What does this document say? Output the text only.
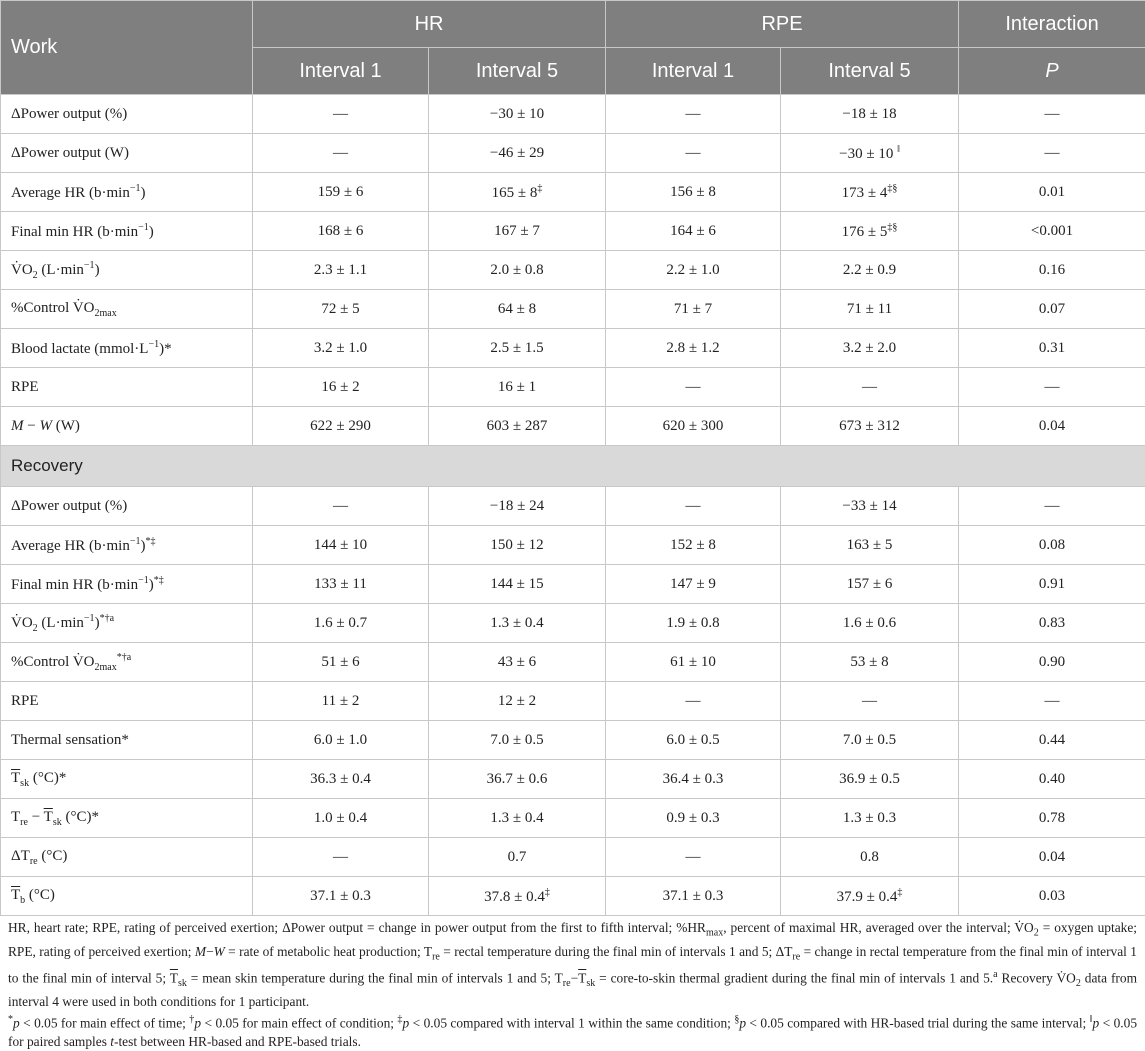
Work	HR		RPE		Interaction
	Interval 1	Interval 5	Interval 1	Interval 5	P
ΔPower output (%)	—	−30 ± 10	—	−18 ± 18	—
ΔPower output (W)	—	−46 ± 29	—	−30 ± 10 ‖	—
Average HR $(b\cdot\min^{-1})$	159 ± 6	165 ± 8‡	156 ± 8	173 ± 4‡§	0.01
Final min HR $(b\cdot\min^{-1})$	168 ± 6	167 ± 7	164 ± 6	176 ± 5‡§	<0.001
$V̇O_2$ $(L\cdot\min^{-1})$	2.3 ± 1.1	2.0 ± 0.8	2.2 ± 1.0	2.2 ± 0.9	0.16
%Control $V̇O_{2max}$	72 ± 5	64 ± 8	71 ± 7	71 ± 11	0.07
Blood lactate $(mmol\cdot L^{-1})*$	3.2 ± 1.0	2.5 ± 1.5	2.8 ± 1.2	3.2 ± 2.0	0.31
RPE	16 ± 2	16 ± 1	—	—	—
M − W (W)	622 ± 290	603 ± 287	620 ± 300	673 ± 312	0.04
Recovery					
ΔPower output (%)	—	−18 ± 24	—	−33 ± 14	—
Average HR $(b\cdot\min^{-1})^{*\ddagger}$	144 ± 10	150 ± 12	152 ± 8	163 ± 5	0.08
Final min HR $(b\cdot\min^{-1})^{*\ddagger}$	133 ± 11	144 ± 15	147 ± 9	157 ± 6	0.91
$V̇O_2$ $(L\cdot\min^{-1})^{*\dagger a}$	1.6 ± 0.7	1.3 ± 0.4	1.9 ± 0.8	1.6 ± 0.6	0.83
%Control $V̇O_{2max}^{*\dagger a}$	51 ± 6	43 ± 6	61 ± 10	53 ± 8	0.90
RPE	11 ± 2	12 ± 2	—	—	—
Thermal sensation*	6.0 ± 1.0	7.0 ± 0.5	6.0 ± 0.5	7.0 ± 0.5	0.44
$\overline{T}_{sk}$ (°C)*	36.3 ± 0.4	36.7 ± 0.6	36.4 ± 0.3	36.9 ± 0.5	0.40
$T_{re} - \overline{T}_{sk}$ (°C)*	1.0 ± 0.4	1.3 ± 0.4	0.9 ± 0.3	1.3 ± 0.3	0.78
$\Delta T_{re}$ (°C)	—	0.7	—	0.8	0.04
$\overline{T}_b$ (°C)	37.1 ± 0.3	37.8 ± 0.4‡	37.1 ± 0.3	37.9 ± 0.4‡	0.03

HR, heart rate; RPE, rating of perceived exertion; ΔPower output = change in power output from the first to fifth interval; $\%HR_{max}$, percent of maximal HR, averaged over the interval; $V̇O_2$ = oxygen uptake; RPE, rating of perceived exertion; M−W = rate of metabolic heat production; $T_{re}$ = rectal temperature during the final min of intervals 1 and 5; $\Delta T_{re}$ = change in rectal temperature from the final min of interval 1 to the final min of interval 5; $\overline{T}_{sk}$ = mean skin temperature during the final min of intervals 1 and 5; $T_{re}-\overline{T}_{sk}$ = core-to-skin thermal gradient during the final min of intervals 1 and 5.$^a$ Recovery $V̇O_2$ data from interval 4 were used in both conditions for 1 participant.

*p < 0.05 for main effect of time; †p < 0.05 for main effect of condition; ‡p < 0.05 compared with interval 1 within the same condition; §p < 0.05 compared with HR-based trial during the same interval; ‖p < 0.05 for paired samples t-test between HR-based and RPE-based trials.
